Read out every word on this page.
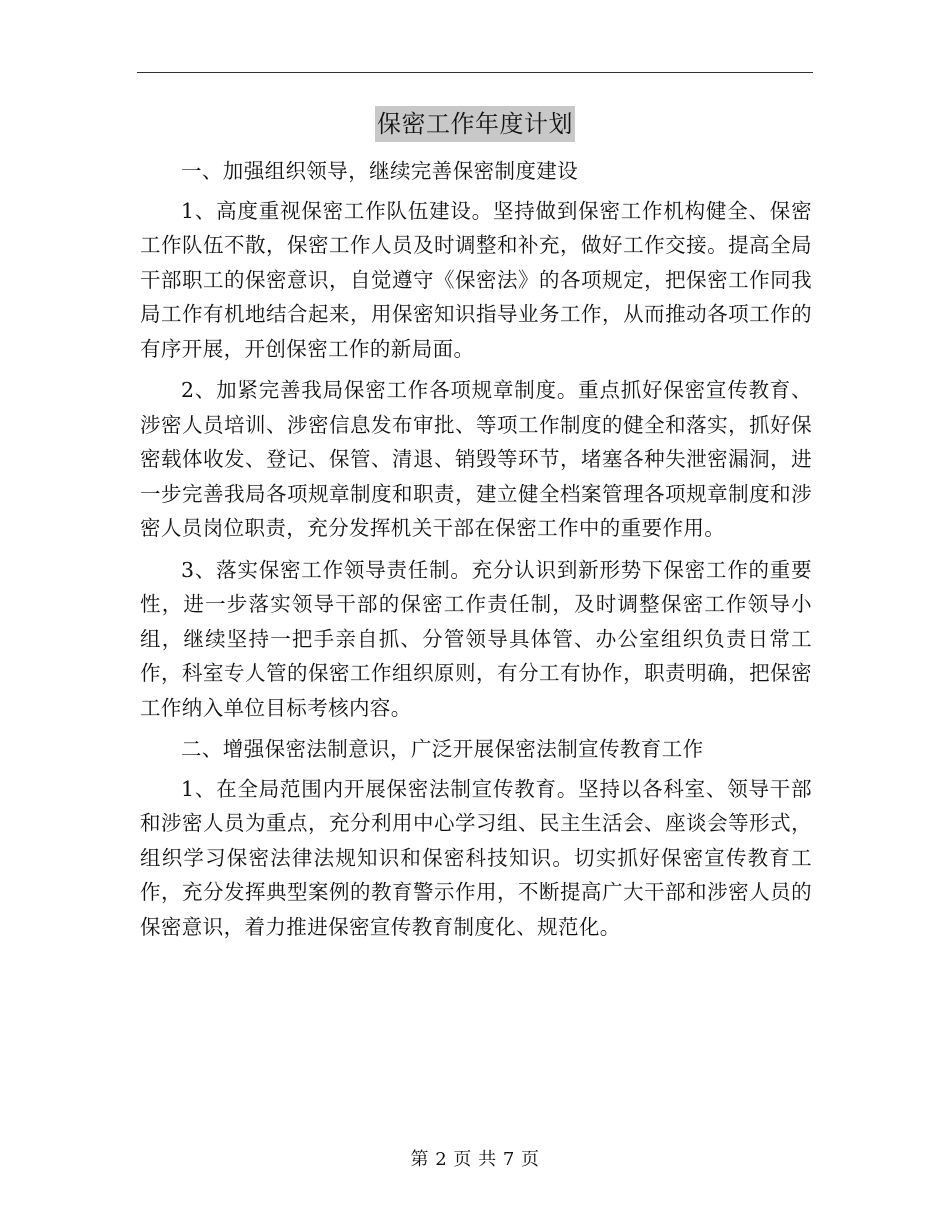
保密工作年度计划

一、加强组织领导，继续完善保密制度建设

1、高度重视保密工作队伍建设。坚持做到保密工作机构健全、保密工作队伍不散，保密工作人员及时调整和补充，做好工作交接。提高全局干部职工的保密意识，自觉遵守《保密法》的各项规定，把保密工作同我局工作有机地结合起来，用保密知识指导业务工作，从而推动各项工作的有序开展，开创保密工作的新局面。

2、加紧完善我局保密工作各项规章制度。重点抓好保密宣传教育、涉密人员培训、涉密信息发布审批、等项工作制度的健全和落实，抓好保密载体收发、登记、保管、清退、销毁等环节，堵塞各种失泄密漏洞，进一步完善我局各项规章制度和职责，建立健全档案管理各项规章制度和涉密人员岗位职责，充分发挥机关干部在保密工作中的重要作用。

3、落实保密工作领导责任制。充分认识到新形势下保密工作的重要性，进一步落实领导干部的保密工作责任制，及时调整保密工作领导小组，继续坚持一把手亲自抓、分管领导具体管、办公室组织负责日常工作，科室专人管的保密工作组织原则，有分工有协作，职责明确，把保密工作纳入单位目标考核内容。

二、增强保密法制意识，广泛开展保密法制宣传教育工作

1、在全局范围内开展保密法制宣传教育。坚持以各科室、领导干部和涉密人员为重点，充分利用中心学习组、民主生活会、座谈会等形式，组织学习保密法律法规知识和保密科技知识。切实抓好保密宣传教育工作，充分发挥典型案例的教育警示作用，不断提高广大干部和涉密人员的保密意识，着力推进保密宣传教育制度化、规范化。

第 2 页 共 7 页
